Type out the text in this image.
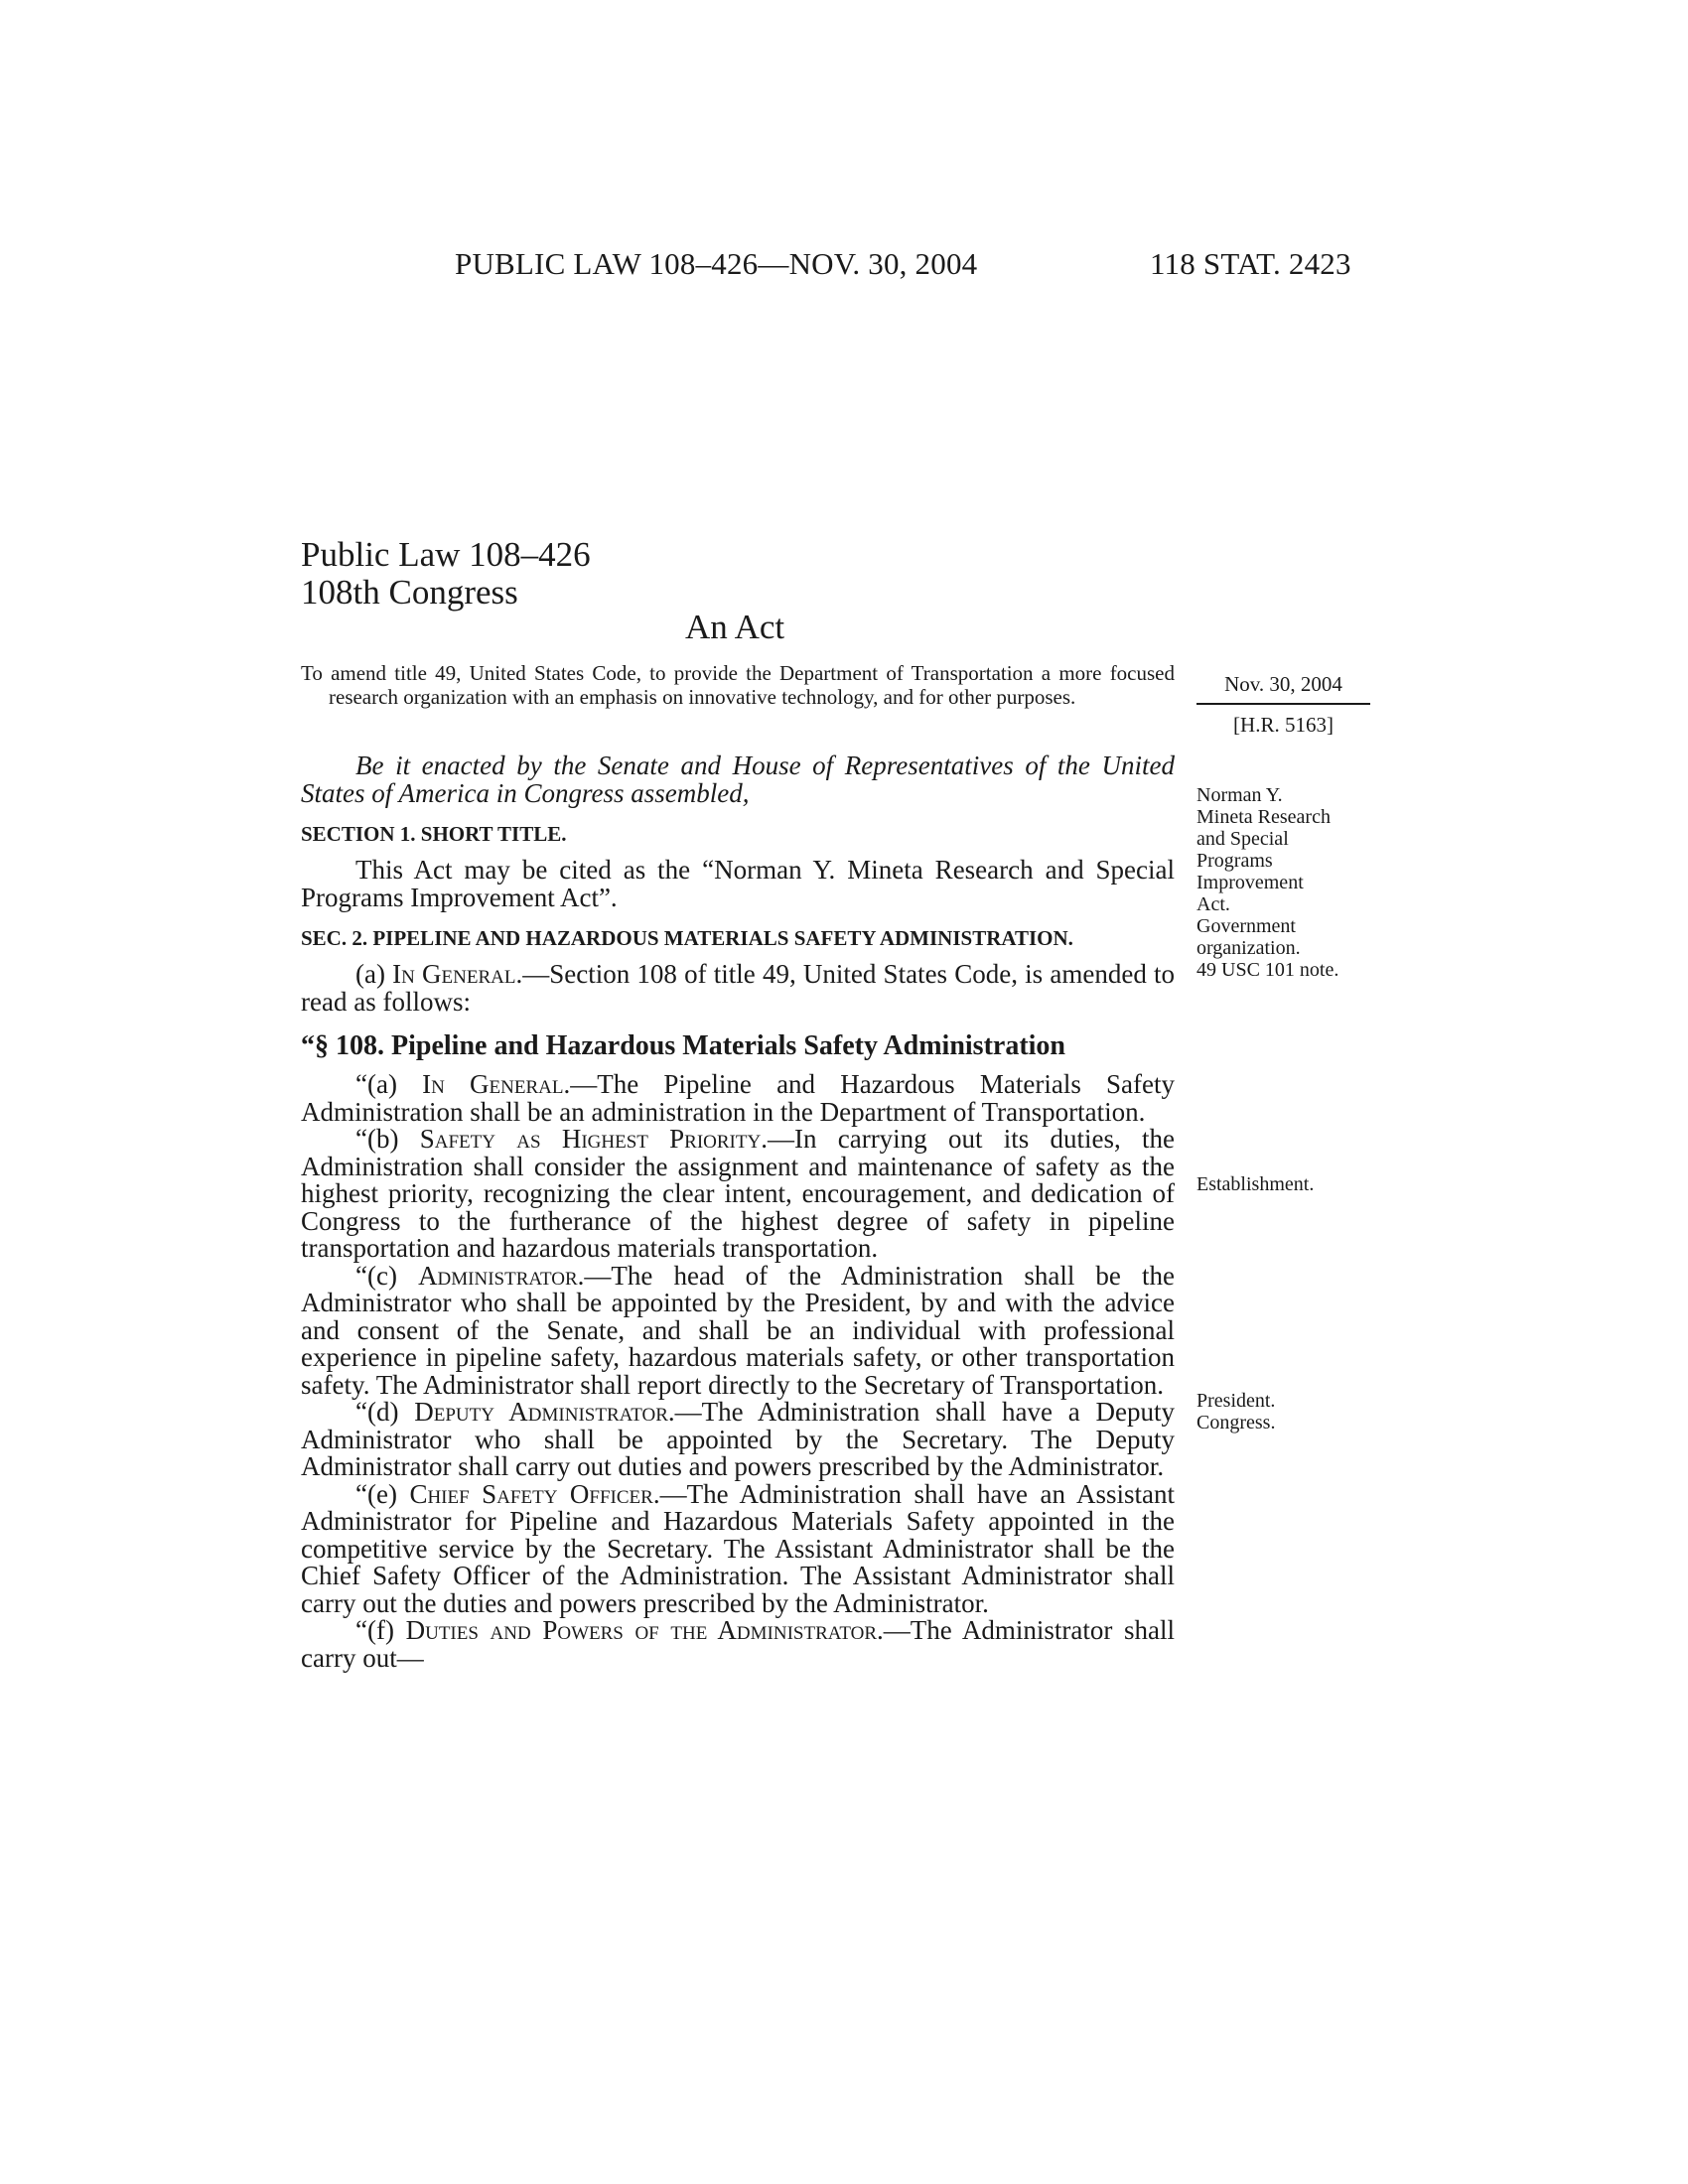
PUBLIC LAW 108–426—NOV. 30, 2004	118 STAT. 2423
Public Law 108–426
108th Congress
An Act

To amend title 49, United States Code, to provide the Department of Transportation a more focused research organization with an emphasis on innovative technology, and for other purposes.

Nov. 30, 2004
[H.R. 5163]

Be it enacted by the Senate and House of Representatives of the United States of America in Congress assembled,

SECTION 1. SHORT TITLE.

This Act may be cited as the “Norman Y. Mineta Research and Special Programs Improvement Act”.

SEC. 2. PIPELINE AND HAZARDOUS MATERIALS SAFETY ADMINISTRATION.

(a) In General.—Section 108 of title 49, United States Code, is amended to read as follows:

“§ 108. Pipeline and Hazardous Materials Safety Administration

“(a) In General.—The Pipeline and Hazardous Materials Safety Administration shall be an administration in the Department of Transportation.

“(b) Safety as Highest Priority.—In carrying out its duties, the Administration shall consider the assignment and maintenance of safety as the highest priority, recognizing the clear intent, encouragement, and dedication of Congress to the furtherance of the highest degree of safety in pipeline transportation and hazardous materials transportation.

“(c) Administrator.—The head of the Administration shall be the Administrator who shall be appointed by the President, by and with the advice and consent of the Senate, and shall be an individual with professional experience in pipeline safety, hazardous materials safety, or other transportation safety. The Administrator shall report directly to the Secretary of Transportation.

“(d) Deputy Administrator.—The Administration shall have a Deputy Administrator who shall be appointed by the Secretary. The Deputy Administrator shall carry out duties and powers prescribed by the Administrator.

“(e) Chief Safety Officer.—The Administration shall have an Assistant Administrator for Pipeline and Hazardous Materials Safety appointed in the competitive service by the Secretary. The Assistant Administrator shall be the Chief Safety Officer of the Administration. The Assistant Administrator shall carry out the duties and powers prescribed by the Administrator.

“(f) Duties and Powers of the Administrator.—The Administrator shall carry out—

Norman Y.
Mineta Research
and Special
Programs
Improvement
Act.
Government
organization.
49 USC 101 note.
Establishment.
President.
Congress.
